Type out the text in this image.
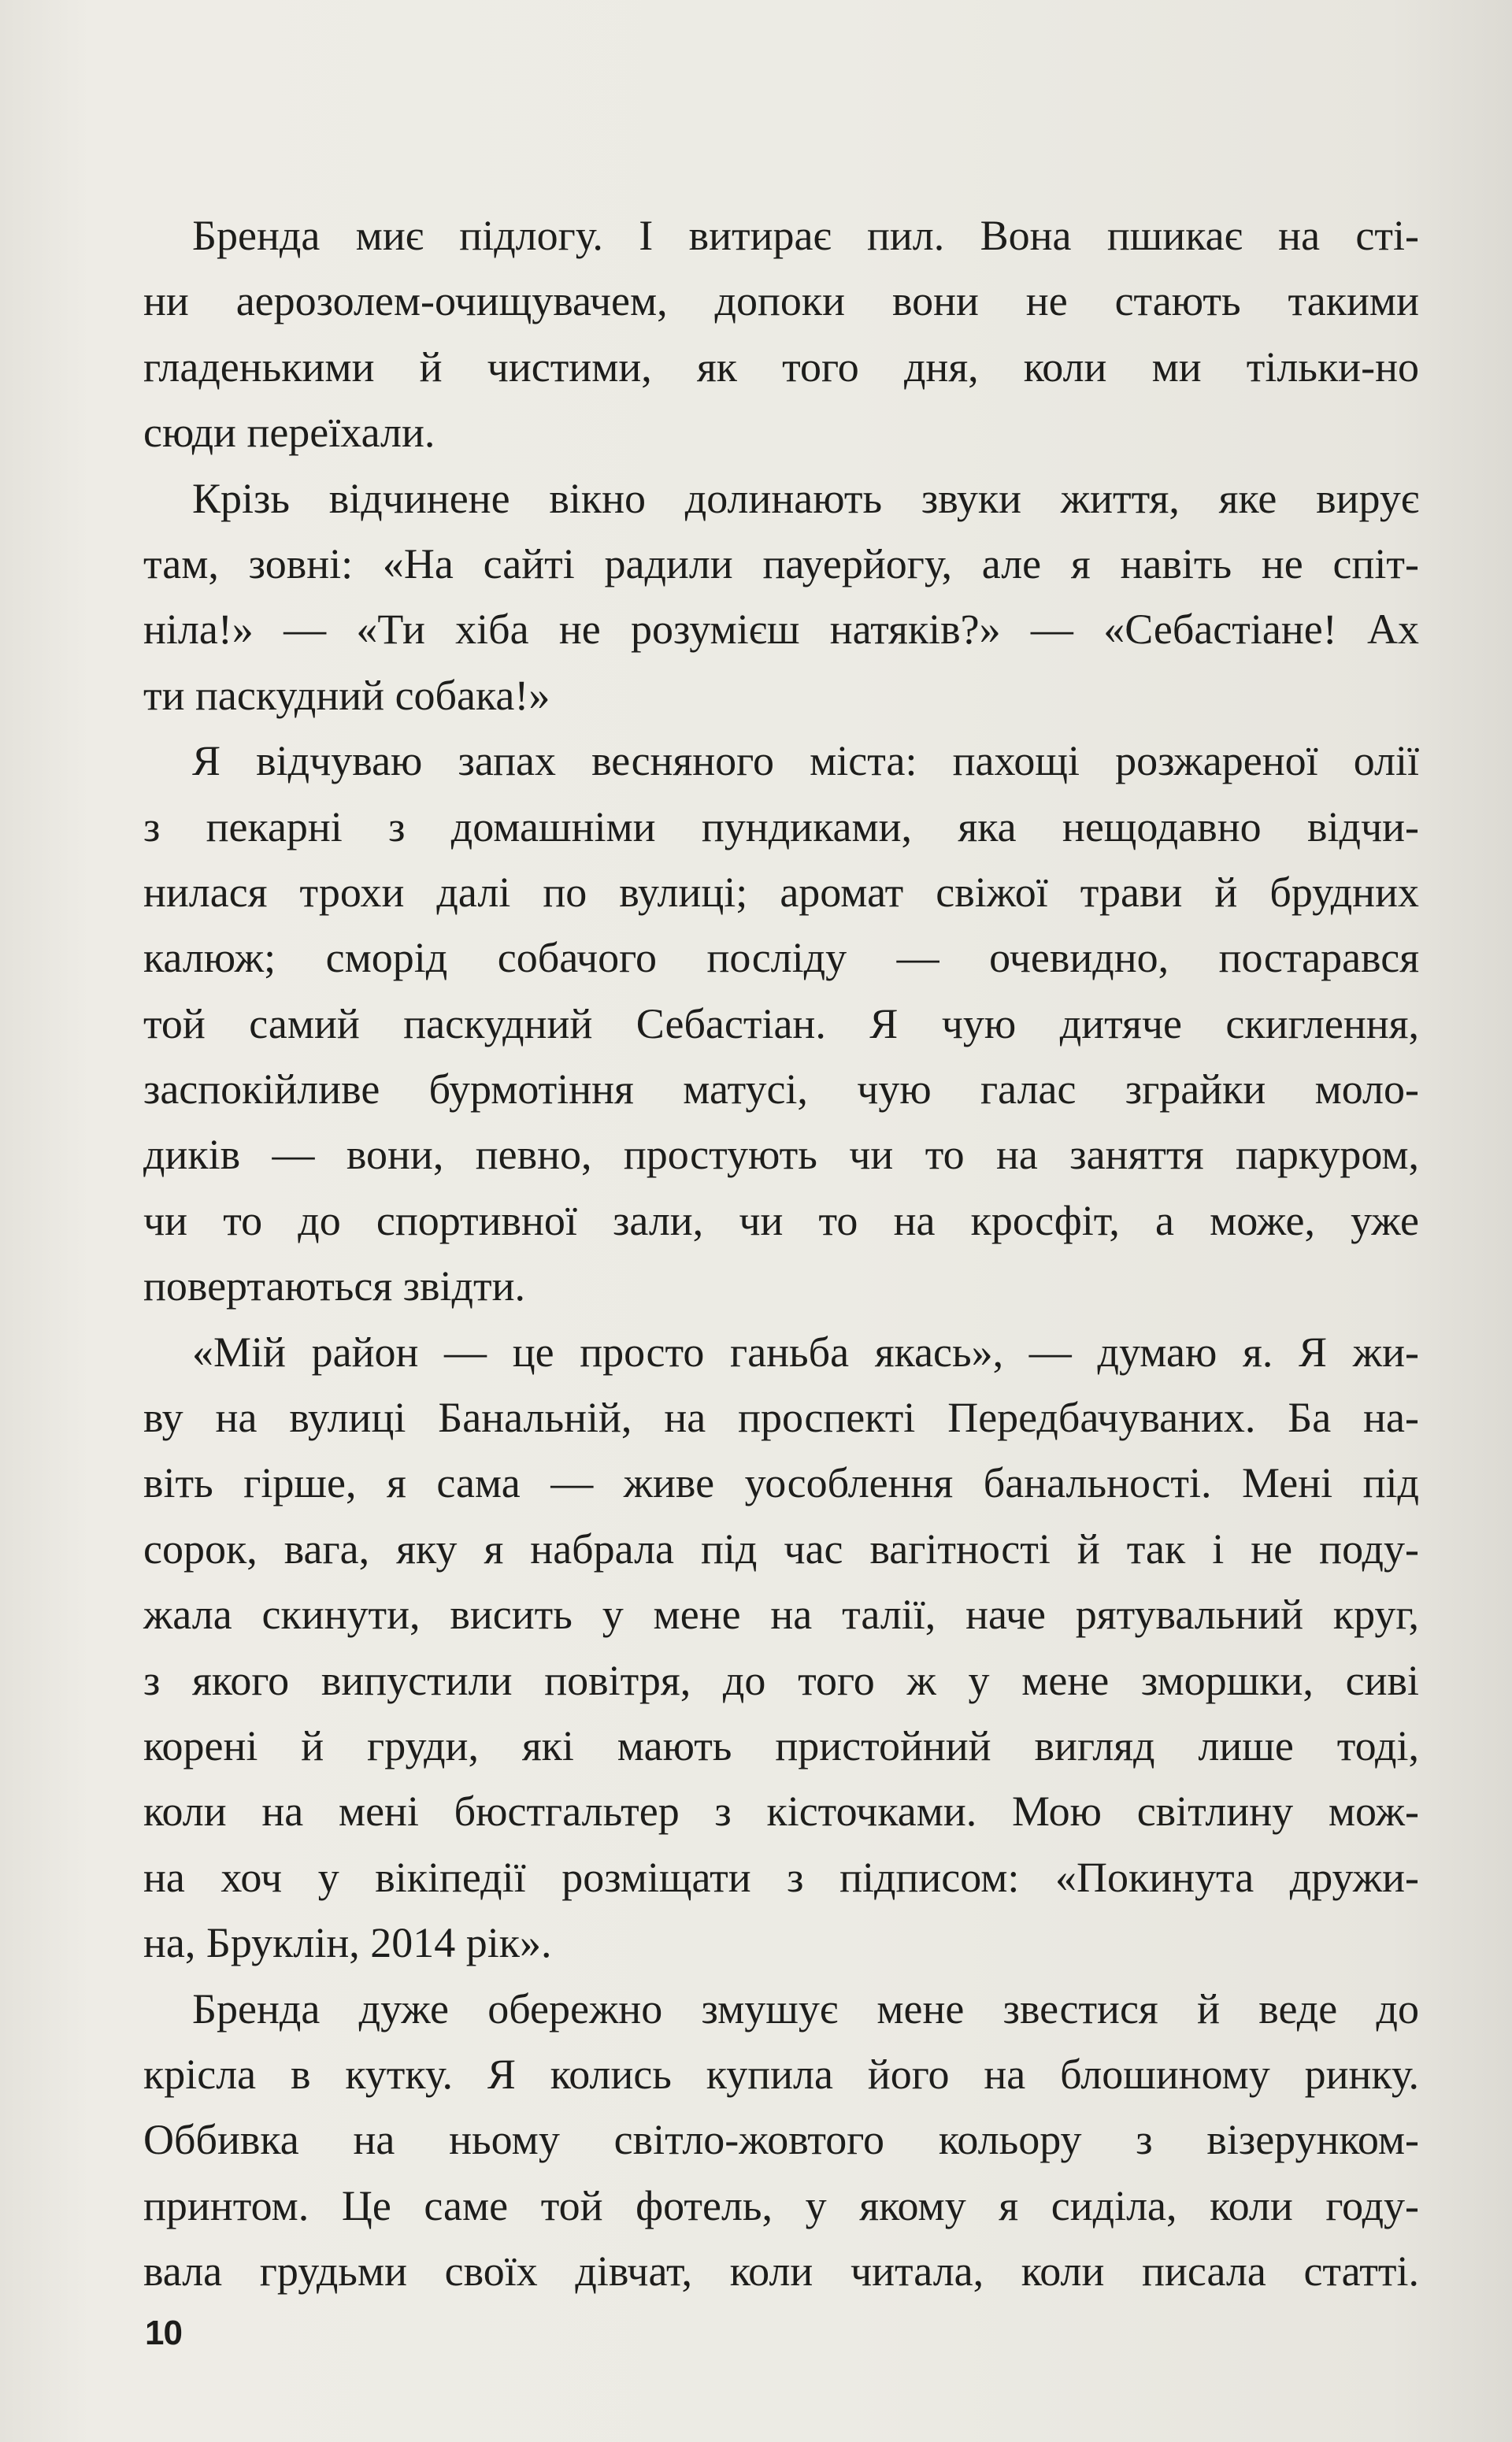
Бренда миє підлогу. І витирає пил. Вона пшикає на сті-
ни аерозолем-очищувачем, допоки вони не стають такими
гладенькими й чистими, як того дня, коли ми тільки-но
сюди переїхали.
Крізь відчинене вікно долинають звуки життя, яке вирує
там, зовні: «На сайті радили пауерйогу, але я навіть не спіт-
ніла!» — «Ти хіба не розумієш натяків?» — «Себастіане! Ах
ти паскудний собака!»
Я відчуваю запах весняного міста: пахощі розжареної олії
з пекарні з домашніми пундиками, яка нещодавно відчи-
нилася трохи далі по вулиці; аромат свіжої трави й брудних
калюж; сморід собачого посліду — очевидно, постарався
той самий паскудний Себастіан. Я чую дитяче скиглення,
заспокійливе бурмотіння матусі, чую галас зграйки моло-
диків — вони, певно, простують чи то на заняття паркуром,
чи то до спортивної зали, чи то на кросфіт, а може, уже
повертаються звідти.
«Мій район — це просто ганьба якась», — думаю я. Я жи-
ву на вулиці Банальній, на проспекті Передбачуваних. Ба на-
віть гірше, я сама — живе уособлення банальності. Мені під
сорок, вага, яку я набрала під час вагітності й так і не поду-
жала скинути, висить у мене на талії, наче рятувальний круг,
з якого випустили повітря, до того ж у мене зморшки, сиві
корені й груди, які мають пристойний вигляд лише тоді,
коли на мені бюстгальтер з кісточками. Мою світлину мож-
на хоч у вікіпедії розміщати з підписом: «Покинута дружи-
на, Бруклін, 2014 рік».
Бренда дуже обережно змушує мене звестися й веде до
крісла в кутку. Я колись купила його на блошиному ринку.
Оббивка на ньому світло-жовтого кольору з візерунком-
принтом. Це саме той фотель, у якому я сиділа, коли году-
вала грудьми своїх дівчат, коли читала, коли писала статті.
10
